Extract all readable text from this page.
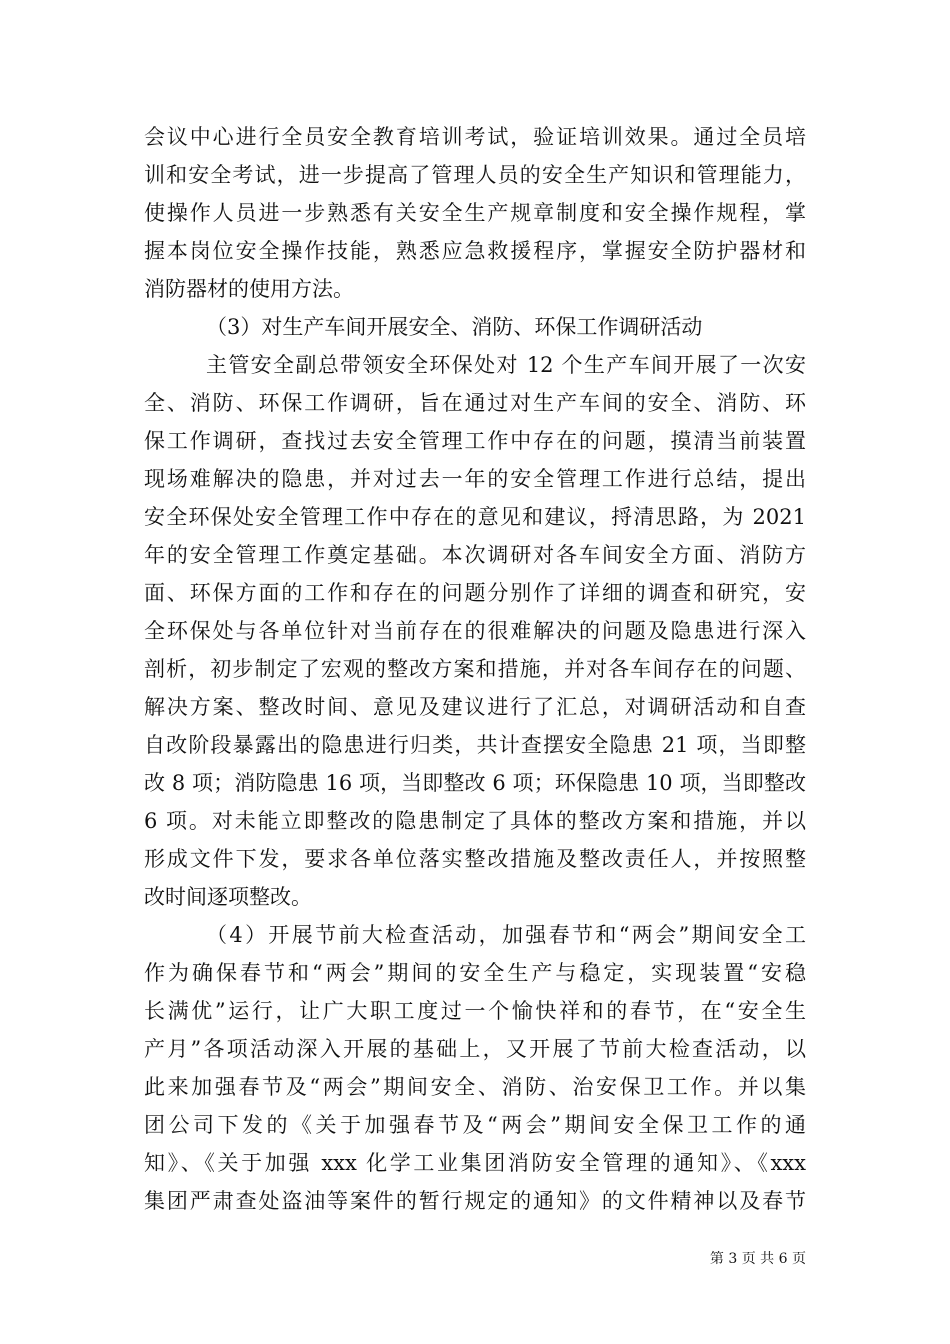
会议中心进行全员安全教育培训考试，验证培训效果。通过全员培
训和安全考试，进一步提高了管理人员的安全生产知识和管理能力，
使操作人员进一步熟悉有关安全生产规章制度和安全操作规程，掌
握本岗位安全操作技能，熟悉应急救援程序，掌握安全防护器材和
消防器材的使用方法。
（3）对生产车间开展安全、消防、环保工作调研活动
主管安全副总带领安全环保处对 12 个生产车间开展了一次安
全、消防、环保工作调研，旨在通过对生产车间的安全、消防、环
保工作调研，查找过去安全管理工作中存在的问题，摸清当前装置
现场难解决的隐患，并对过去一年的安全管理工作进行总结，提出
安全环保处安全管理工作中存在的意见和建议，捋清思路，为 2021
年的安全管理工作奠定基础。本次调研对各车间安全方面、消防方
面、环保方面的工作和存在的问题分别作了详细的调查和研究，安
全环保处与各单位针对当前存在的很难解决的问题及隐患进行深入
剖析，初步制定了宏观的整改方案和措施，并对各车间存在的问题、
解决方案、整改时间、意见及建议进行了汇总，对调研活动和自查
自改阶段暴露出的隐患进行归类，共计查摆安全隐患 21 项，当即整
改 8 项；消防隐患 16 项，当即整改 6 项；环保隐患 10 项，当即整改
6 项。对未能立即整改的隐患制定了具体的整改方案和措施，并以
形成文件下发，要求各单位落实整改措施及整改责任人，并按照整
改时间逐项整改。
（4）开展节前大检查活动，加强春节和“两会”期间安全工
作为确保春节和“两会”期间的安全生产与稳定，实现装置“安稳
长满优”运行，让广大职工度过一个愉快祥和的春节，在“安全生
产月”各项活动深入开展的基础上，又开展了节前大检查活动，以
此来加强春节及“两会”期间安全、消防、治安保卫工作。并以集
团公司下发的《关于加强春节及“两会”期间安全保卫工作的通
知》、《关于加强 xxx 化学工业集团消防安全管理的通知》、《xxx
集团严肃查处盗油等案件的暂行规定的通知》的文件精神以及春节
第 3 页 共 6 页
